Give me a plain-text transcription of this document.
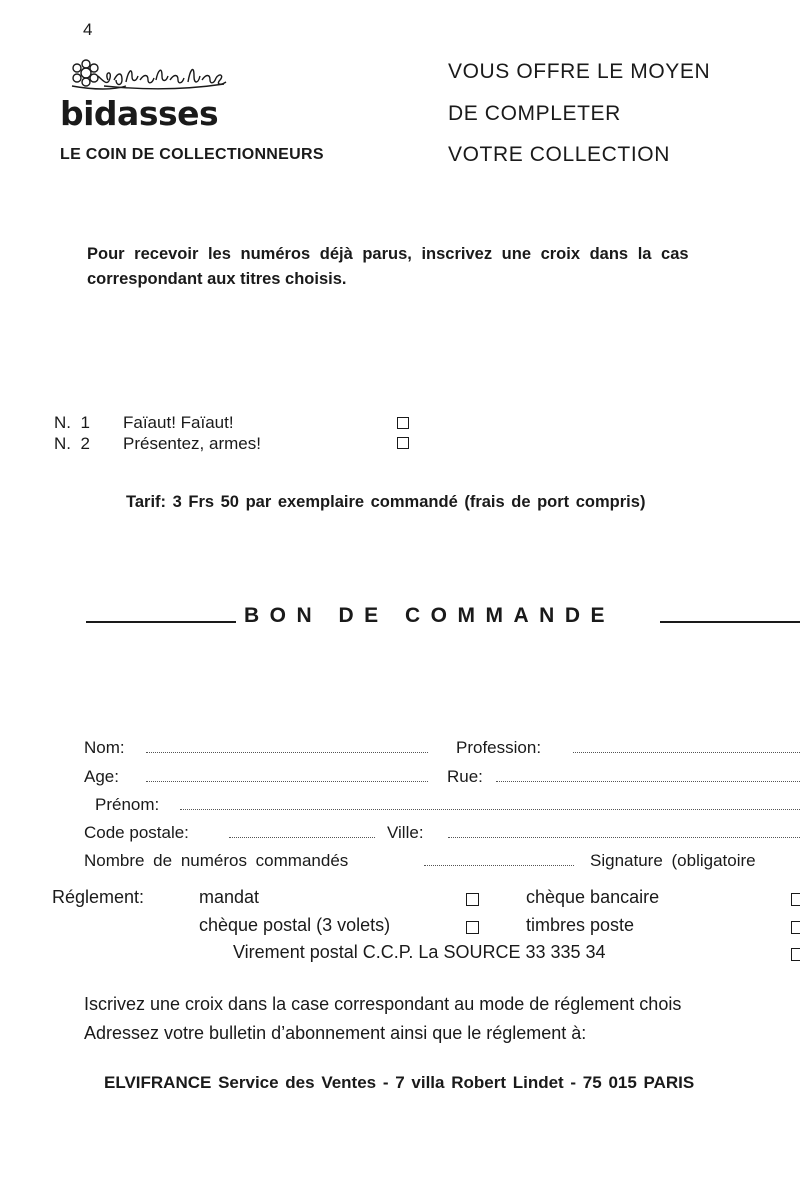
4
bidasses
LE COIN DE COLLECTIONNEURS
VOUS OFFRE LE MOYEN
DE COMPLETER
VOTRE COLLECTION
Pour recevoir les numéros déjà parus, inscrivez une croix dans la cas
correspondant aux titres choisis.
N.  1 Faïaut! Faïaut!
N.  2 Présentez, armes!
Tarif: 3 Frs 50 par exemplaire commandé (frais de port compris)
BON DE COMMANDE
Nom:	Profession:
Age:	Rue:
Prénom:
Code postale:	Ville:
Nombre de numéros commandés	Signature (obligatoire
Réglement:	mandat	chèque bancaire
chèque postal (3 volets)	timbres poste
Virement postal C.C.P. La SOURCE 33 335 34
Iscrivez une croix dans la case correspondant au mode de réglement chois
Adressez votre bulletin d’abonnement ainsi que le réglement à:
ELVIFRANCE Service des Ventes - 7 villa Robert Lindet - 75 015 PARIS
